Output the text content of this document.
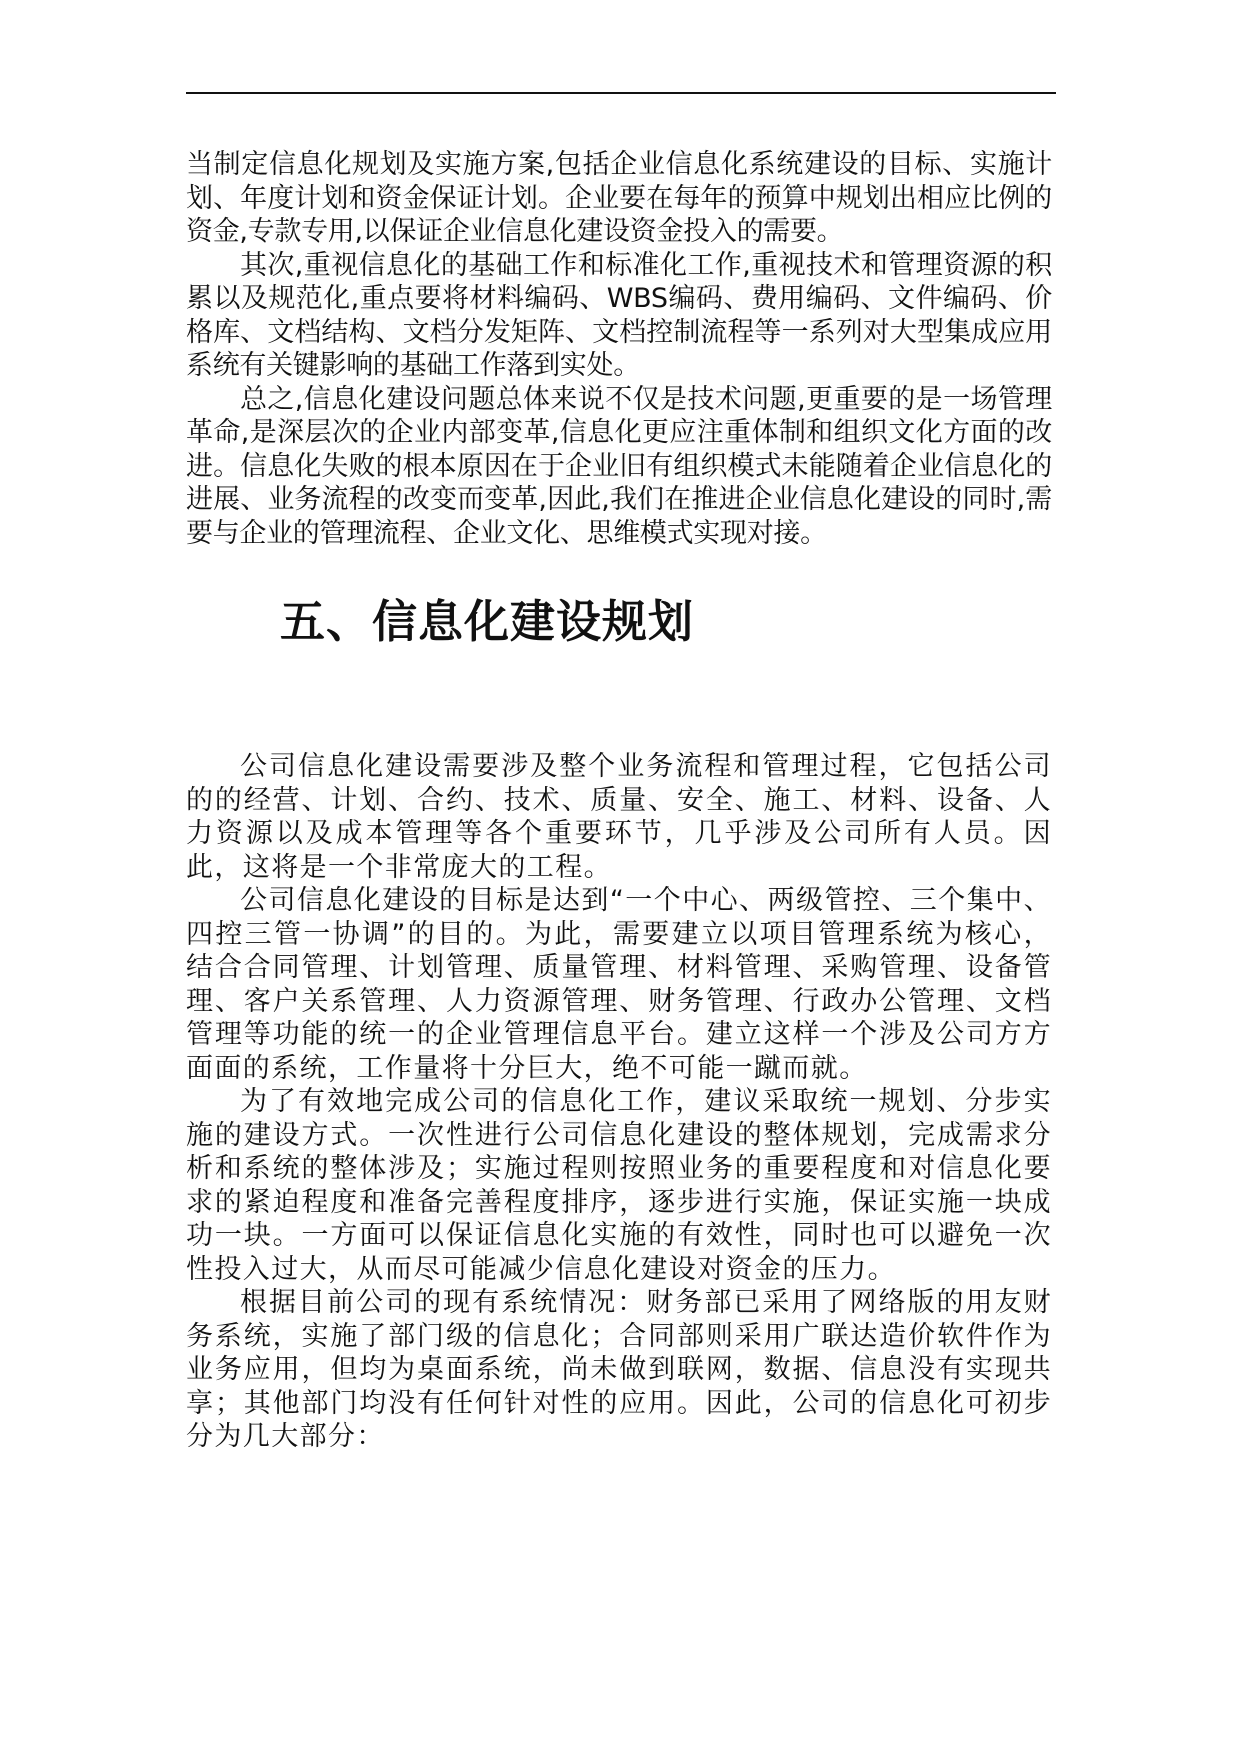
当制定信息化规划及实施方案,包括企业信息化系统建设的目标、实施计划、年度计划和资金保证计划。企业要在每年的预算中规划出相应比例的资金,专款专用,以保证企业信息化建设资金投入的需要。

其次,重视信息化的基础工作和标准化工作,重视技术和管理资源的积累以及规范化,重点要将材料编码、WBS编码、费用编码、文件编码、价格库、文档结构、文档分发矩阵、文档控制流程等一系列对大型集成应用系统有关键影响的基础工作落到实处。

总之,信息化建设问题总体来说不仅是技术问题,更重要的是一场管理革命,是深层次的企业内部变革,信息化更应注重体制和组织文化方面的改进。信息化失败的根本原因在于企业旧有组织模式未能随着企业信息化的进展、业务流程的改变而变革,因此,我们在推进企业信息化建设的同时,需要与企业的管理流程、企业文化、思维模式实现对接。

五、信息化建设规划

公司信息化建设需要涉及整个业务流程和管理过程，它包括公司的的经营、计划、合约、技术、质量、安全、施工、材料、设备、人力资源以及成本管理等各个重要环节，几乎涉及公司所有人员。因此，这将是一个非常庞大的工程。

公司信息化建设的目标是达到“一个中心、两级管控、三个集中、四控三管一协调”的目的。为此，需要建立以项目管理系统为核心，结合合同管理、计划管理、质量管理、材料管理、采购管理、设备管理、客户关系管理、人力资源管理、财务管理、行政办公管理、文档管理等功能的统一的企业管理信息平台。建立这样一个涉及公司方方面面的系统，工作量将十分巨大，绝不可能一蹴而就。

为了有效地完成公司的信息化工作，建议采取统一规划、分步实施的建设方式。一次性进行公司信息化建设的整体规划，完成需求分析和系统的整体涉及；实施过程则按照业务的重要程度和对信息化要求的紧迫程度和准备完善程度排序，逐步进行实施，保证实施一块成功一块。一方面可以保证信息化实施的有效性，同时也可以避免一次性投入过大，从而尽可能减少信息化建设对资金的压力。

根据目前公司的现有系统情况：财务部已采用了网络版的用友财务系统，实施了部门级的信息化；合同部则采用广联达造价软件作为业务应用，但均为桌面系统，尚未做到联网，数据、信息没有实现共享；其他部门均没有任何针对性的应用。因此，公司的信息化可初步分为几大部分：
